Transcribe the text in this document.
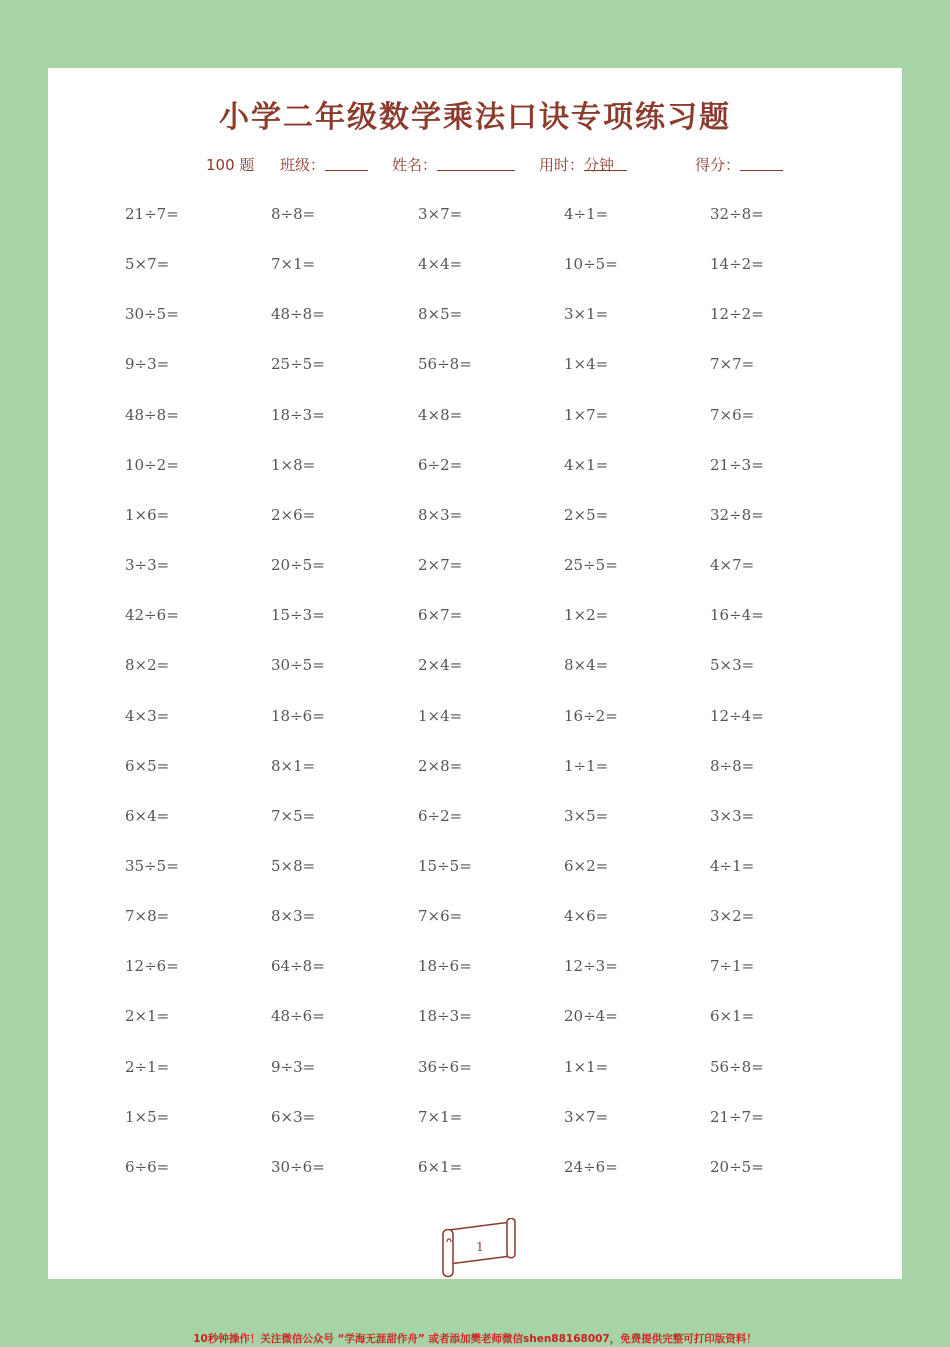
小学二年级数学乘法口诀专项练习题
100 题 班级：	姓名：	用时：
分钟	得分：
21÷7=	8÷8=	3×7=	4÷1=	32÷8=
5×7=	7×1=	4×4=	10÷5=	14÷2=
30÷5=	48÷8=	8×5=	3×1=	12÷2=
9÷3=	25÷5=	56÷8=	1×4=	7×7=
48÷8=	18÷3=	4×8=	1×7=	7×6=
10÷2=	1×8=	6÷2=	4×1=	21÷3=
1×6=	2×6=	8×3=	2×5=	32÷8=
3÷3=	20÷5=	2×7=	25÷5=	4×7=
42÷6=	15÷3=	6×7=	1×2=	16÷4=
8×2=	30÷5=	2×4=	8×4=	5×3=
4×3=	18÷6=	1×4=	16÷2=	12÷4=
6×5=	8×1=	2×8=	1÷1=	8÷8=
6×4=	7×5=	6÷2=	3×5=	3×3=
35÷5=	5×8=	15÷5=	6×2=	4÷1=
7×8=	8×3=	7×6=	4×6=	3×2=
12÷6=	64÷8=	18÷6=	12÷3=	7÷1=
2×1=	48÷6=	18÷3=	20÷4=	6×1=
2÷1=	9÷3=	36÷6=	1×1=	56÷8=
1×5=	6×3=	7×1=	3×7=	21÷7=
6÷6=	30÷6=	6×1=	24÷6=	20÷5=
1
10秒钟操作！关注微信公众号 “学海无涯甜作舟” 或者添加樊老师微信shen88168007，免费提供完整可打印版资料！
